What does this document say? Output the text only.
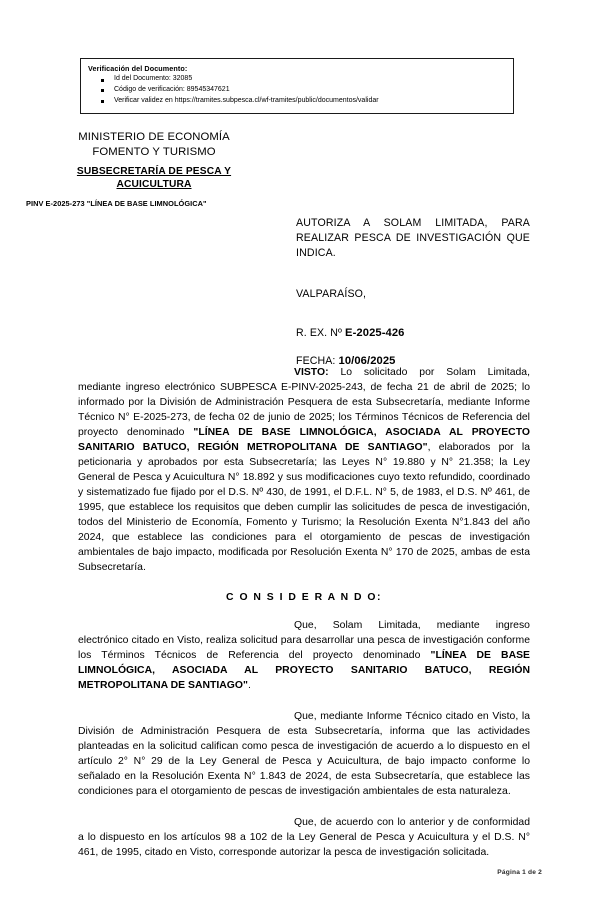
Verificación del Documento:
Id del Documento: 32085
Código de verificación: 89545347621
Verificar validez en https://tramites.subpesca.cl/wf-tramites/public/documentos/validar
MINISTERIO DE ECONOMÍA
FOMENTO Y TURISMO
SUBSECRETARÍA DE PESCA Y
ACUICULTURA
PINV E-2025-273 "LÍNEA DE BASE LIMNOLÓGICA"
AUTORIZA A SOLAM LIMITADA, PARA REALIZAR PESCA DE INVESTIGACIÓN QUE INDICA.
VALPARAÍSO,
R. EX. Nº E-2025-426
FECHA: 10/06/2025

VISTO: Lo solicitado por Solam Limitada, mediante ingreso electrónico SUBPESCA E-PINV-2025-243, de fecha 21 de abril de 2025; lo informado por la División de Administración Pesquera de esta Subsecretaría, mediante Informe Técnico N° E-2025-273, de fecha 02 de junio de 2025; los Términos Técnicos de Referencia del proyecto denominado "LÍNEA DE BASE LIMNOLÓGICA, ASOCIADA AL PROYECTO SANITARIO BATUCO, REGIÓN METROPOLITANA DE SANTIAGO", elaborados por la peticionaria y aprobados por esta Subsecretaría; las Leyes N° 19.880 y N° 21.358; la Ley General de Pesca y Acuicultura N° 18.892 y sus modificaciones cuyo texto refundido, coordinado y sistematizado fue fijado por el D.S. Nº 430, de 1991, el D.F.L. N° 5, de 1983, el D.S. Nº 461, de 1995, que establece los requisitos que deben cumplir las solicitudes de pesca de investigación, todos del Ministerio de Economía, Fomento y Turismo; la Resolución Exenta N°1.843 del año 2024, que establece las condiciones para el otorgamiento de pescas de investigación ambientales de bajo impacto, modificada por Resolución Exenta N° 170 de 2025, ambas de esta Subsecretaría.

C O N S I D E R A N D O:

Que, Solam Limitada, mediante ingreso electrónico citado en Visto, realiza solicitud para desarrollar una pesca de investigación conforme los Términos Técnicos de Referencia del proyecto denominado "LÍNEA DE BASE LIMNOLÓGICA, ASOCIADA AL PROYECTO SANITARIO BATUCO, REGIÓN METROPOLITANA DE SANTIAGO".

Que, mediante Informe Técnico citado en Visto, la División de Administración Pesquera de esta Subsecretaría, informa que las actividades planteadas en la solicitud califican como pesca de investigación de acuerdo a lo dispuesto en el artículo 2° N° 29 de la Ley General de Pesca y Acuicultura, de bajo impacto conforme lo señalado en la Resolución Exenta N° 1.843 de 2024, de esta Subsecretaría, que establece las condiciones para el otorgamiento de pescas de investigación ambientales de esta naturaleza.

Que, de acuerdo con lo anterior y de conformidad a lo dispuesto en los artículos 98 a 102 de la Ley General de Pesca y Acuicultura y el D.S. N° 461, de 1995, citado en Visto, corresponde autorizar la pesca de investigación solicitada.

Página 1 de 2
